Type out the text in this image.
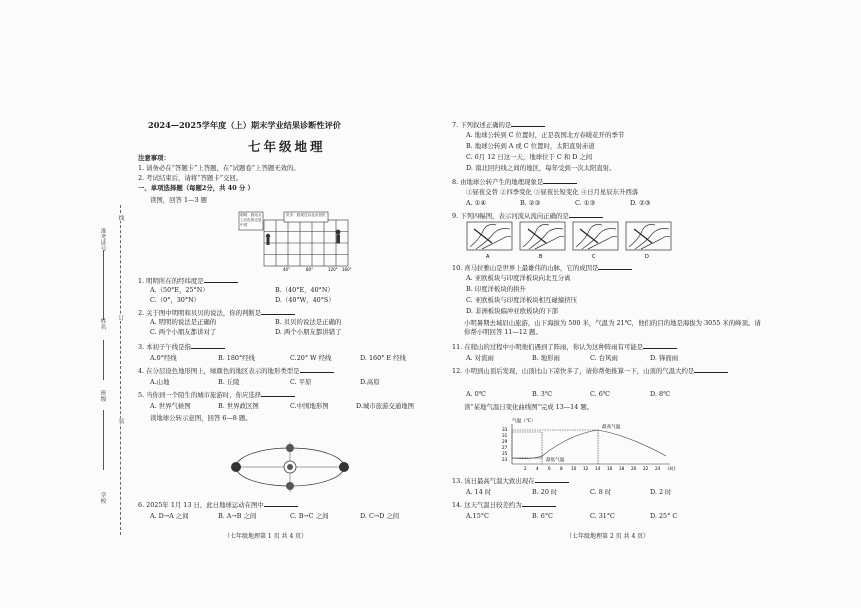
学校
班级
姓名
准考证号
线
订
装
2024—2025学年度（上）期末学业结果诊断性评价
七年级地理
注意事项：
1. 请务必在“答题卡”上答题，在“试题卷”上答题无效的。
2. 考试结束后，请将“答题卡”交回。
一、单项选择题（每题2分，共 40 分 ）
读图，回答 1—3 题
40°	80°	120° 160°
明明：我站点上红色的边是中国
贝贝：我现在以北京居民
1. 明明所在的经纬度是
A.（50°E，25°N）	B.（40°E，40°N）
C.（0°，30°N）	D.（40°W，40°S）
2. 关于图中明明和贝贝的说法，你的判断是
A. 明明的说法是正确的	B. 贝贝的说法是正确的
C. 两个小朋友都讲对了	D. 两个小朋友都讲错了
3. 本初子午线是指
A.0°经线	B. 180°经线	C.20° W 经线	D. 160° E 经线
4. 在分层设色地形图上，绿颜色的地区表示的地形类型是
A.山地	B. 丘陵	C. 平原	D.高原
5. 当你到一个陌生的城市旅游时，你应选择
A. 世界气候图	B. 世界政区图	C.中国地形图	D.城市旅游交通地图
读地球公转示意图，回答 6—8 题。
6. 2025年 1月 13 日，此日地球运动在图中
A. D→A 之间	B. A→B 之间	C. B→C 之间	D. C→D 之间
（七年级地理第 1 页 共 4 页）
7. 下列叙述正确的是
A. 地球公转到 C 位置时，正是我国北方春暖花开的季节
B. 地球公转到 A 或 C 位置时，太阳直射赤道
C. 6月 12 日这一天，地球位于 C 和 D 之间
D. 南北回归线之间的地区，每年受到一次太阳直射。
8. 由地球公转产生的地理现象是
①昼夜交替 ②四季变化 ③昼夜长短变化 ④日月星辰东升西落
A. ①④	B. ②③	C. ①③	D. ②③
9. 下列四幅图，表示河流从流向正确的是
A	B	C	D
10. 喜马拉雅山是世界上最雄伟的山脉，它的成因是
A. 亚欧板块与印度洋板块向北互分离
B. 印度洋板块的拱升
C. 亚欧板块与印度洋板块相互碰撞挤压
D. 非洲板块偏冲亚欧板块的下部
小明暑期去域眉山旅游，山下海拔为 500 米，气温为 21℃，他们的目的地是海拔为 3055 米的峰顶。请你帮小明回答 11—12 题。
11. 在爬山的过程中小明他们遇到了阵雨，你认为这种阵雨有可能是
A. 对流雨	B. 地形雨	C. 台风雨	D. 锋面雨
12. 小明到山顶后发现，山顶比山下凉快多了，请你帮他推算一下，山顶的气温大约是
A. 0℃	B. 3℃	C. 6℃	D. 8℃
读“某地气温日变化曲线图”完成 13—14 题。
气温（℃）
最高气温
最低气温
33
31
29
27
25
23
2 4 6 8 10 12 14 16 18 20 22 24 (时)
13. 该日最高气温大致出现在
A. 14 时	B. 20 时	C. 8 时	D. 2 时
14. 这天气温日较差约为
A.15°C	B. 6°C	C. 31°C	D. 25° C
（七年级地理第 2 页 共 4 页）
